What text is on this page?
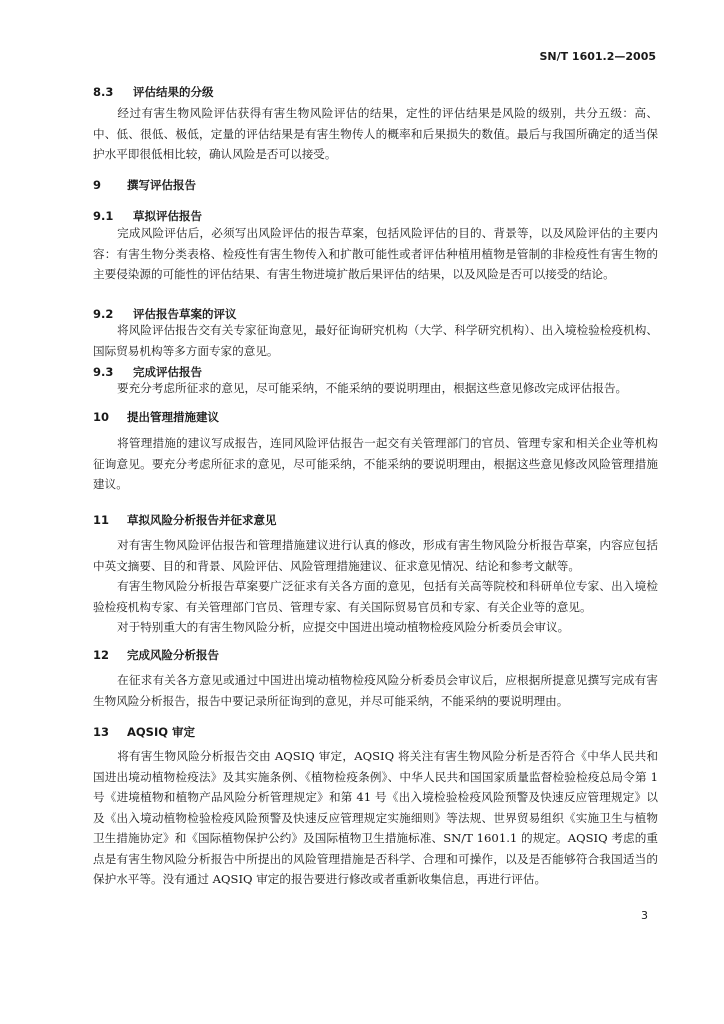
SN/T 1601.2—2005
8.3 评估结果的分级
经过有害生物风险评估获得有害生物风险评估的结果，定性的评估结果是风险的级别，共分五级：高、中、低、很低、极低，定量的评估结果是有害生物传人的概率和后果损失的数值。最后与我国所确定的适当保护水平即很低相比较，确认风险是否可以接受。
9 撰写评估报告
9.1 草拟评估报告
完成风险评估后，必须写出风险评估的报告草案，包括风险评估的目的、背景等，以及风险评估的主要内容：有害生物分类表格、检疫性有害生物传入和扩散可能性或者评估种植用植物是管制的非检疫性有害生物的主要侵染源的可能性的评估结果、有害生物进境扩散后果评估的结果，以及风险是否可以接受的结论。
9.2 评估报告草案的评议
将风险评估报告交有关专家征询意见，最好征询研究机构（大学、科学研究机构）、出入境检验检疫机构、国际贸易机构等多方面专家的意见。
9.3 完成评估报告
要充分考虑所征求的意见，尽可能采纳，不能采纳的要说明理由，根据这些意见修改完成评估报告。
10 提出管理措施建议
将管理措施的建议写成报告，连同风险评估报告一起交有关管理部门的官员、管理专家和相关企业等机构征询意见。要充分考虑所征求的意见，尽可能采纳，不能采纳的要说明理由，根据这些意见修改风险管理措施建议。
11 草拟风险分析报告并征求意见
对有害生物风险评估报告和管理措施建议进行认真的修改，形成有害生物风险分析报告草案，内容应包括中英文摘要、目的和背景、风险评估、风险管理措施建议、征求意见情况、结论和参考文献等。
有害生物风险分析报告草案要广泛征求有关各方面的意见，包括有关高等院校和科研单位专家、出入境检验检疫机构专家、有关管理部门官员、管理专家、有关国际贸易官员和专家、有关企业等的意见。
对于特别重大的有害生物风险分析，应提交中国进出境动植物检疫风险分析委员会审议。
12 完成风险分析报告
在征求有关各方意见或通过中国进出境动植物检疫风险分析委员会审议后，应根据所提意见撰写完成有害生物风险分析报告，报告中要记录所征询到的意见，并尽可能采纳，不能采纳的要说明理由。
13 AQSIQ 审定
将有害生物风险分析报告交由 AQSIQ 审定，AQSIQ 将关注有害生物风险分析是否符合《中华人民共和国进出境动植物检疫法》及其实施条例、《植物检疫条例》、中华人民共和国国家质量监督检验检疫总局令第 1 号《进境植物和植物产品风险分析管理规定》和第 41 号《出入境检验检疫风险预警及快速反应管理规定》以及《出入境动植物检验检疫风险预警及快速反应管理规定实施细则》等法规、世界贸易组织《实施卫生与植物卫生措施协定》和《国际植物保护公约》及国际植物卫生措施标准、SN/T 1601.1 的规定。AQSIQ 考虑的重点是有害生物风险分析报告中所提出的风险管理措施是否科学、合理和可操作，以及是否能够符合我国适当的保护水平等。没有通过 AQSIQ 审定的报告要进行修改或者重新收集信息，再进行评估。
3
